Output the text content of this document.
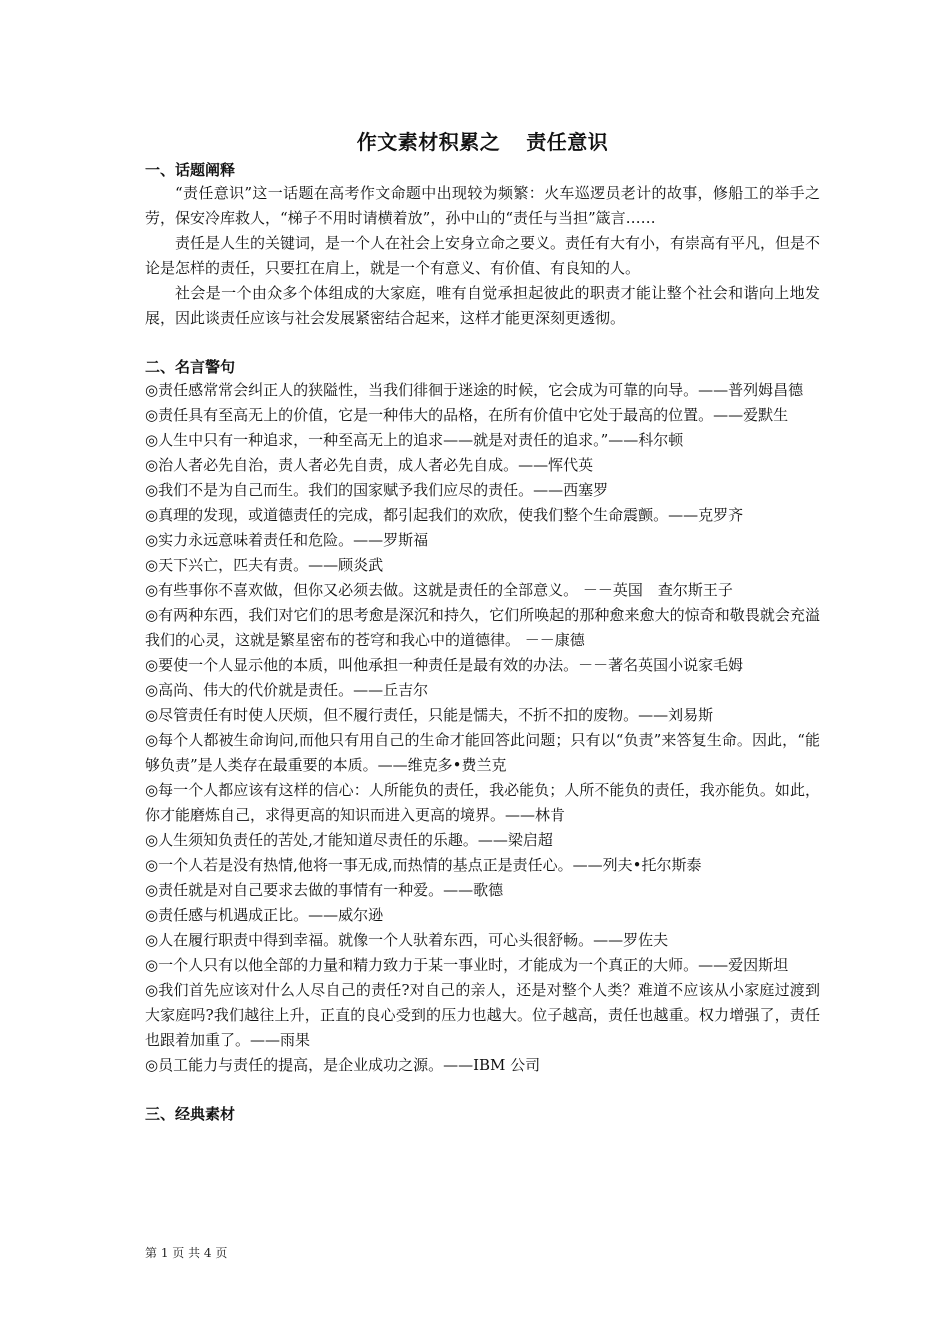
作文素材积累之 责任意识

一、话题阐释

“责任意识”这一话题在高考作文命题中出现较为频繁：火车巡逻员老计的故事，修船工的举手之劳，保安冷库救人，“梯子不用时请横着放”，孙中山的“责任与当担”箴言……

责任是人生的关键词，是一个人在社会上安身立命之要义。责任有大有小，有崇高有平凡，但是不论是怎样的责任，只要扛在肩上，就是一个有意义、有价值、有良知的人。

社会是一个由众多个体组成的大家庭，唯有自觉承担起彼此的职责才能让整个社会和谐向上地发展，因此谈责任应该与社会发展紧密结合起来，这样才能更深刻更透彻。

二、名言警句

◎责任感常常会纠正人的狭隘性，当我们徘徊于迷途的时候，它会成为可靠的向导。——普列姆昌德

◎责任具有至高无上的价值，它是一种伟大的品格，在所有价值中它处于最高的位置。——爱默生

◎人生中只有一种追求，一种至高无上的追求——就是对责任的追求。”——科尔顿

◎治人者必先自治，责人者必先自责，成人者必先自成。——恽代英

◎我们不是为自己而生。我们的国家赋予我们应尽的责任。——西塞罗

◎真理的发现，或道德责任的完成，都引起我们的欢欣，使我们整个生命震颤。——克罗齐

◎实力永远意味着责任和危险。——罗斯福

◎天下兴亡，匹夫有责。——顾炎武

◎有些事你不喜欢做，但你又必须去做。这就是责任的全部意义。 －－英国　查尔斯王子

◎有两种东西，我们对它们的思考愈是深沉和持久，它们所唤起的那种愈来愈大的惊奇和敬畏就会充溢我们的心灵，这就是繁星密布的苍穹和我心中的道德律。 －－康德

◎要使一个人显示他的本质，叫他承担一种责任是最有效的办法。－－著名英国小说家毛姆

◎高尚、伟大的代价就是责任。——丘吉尔

◎尽管责任有时使人厌烦，但不履行责任，只能是懦夫，不折不扣的废物。——刘易斯

◎每个人都被生命询问,而他只有用自己的生命才能回答此问题；只有以“负责”来答复生命。因此，“能够负责”是人类存在最重要的本质。——维克多•费兰克

◎每一个人都应该有这样的信心：人所能负的责任，我必能负；人所不能负的责任，我亦能负。如此，你才能磨炼自己，求得更高的知识而进入更高的境界。——林肯

◎人生须知负责任的苦处,才能知道尽责任的乐趣。——梁启超

◎一个人若是没有热情,他将一事无成,而热情的基点正是责任心。——列夫•托尔斯泰

◎责任就是对自己要求去做的事情有一种爱。——歌德

◎责任感与机遇成正比。——威尔逊

◎人在履行职责中得到幸福。就像一个人驮着东西，可心头很舒畅。——罗佐夫

◎一个人只有以他全部的力量和精力致力于某一事业时，才能成为一个真正的大师。——爱因斯坦

◎我们首先应该对什么人尽自己的责任?对自己的亲人，还是对整个人类？难道不应该从小家庭过渡到大家庭吗?我们越往上升，正直的良心受到的压力也越大。位子越高，责任也越重。权力增强了，责任也跟着加重了。——雨果

◎员工能力与责任的提高，是企业成功之源。——IBM 公司

三、经典素材

第 1 页 共 4 页
